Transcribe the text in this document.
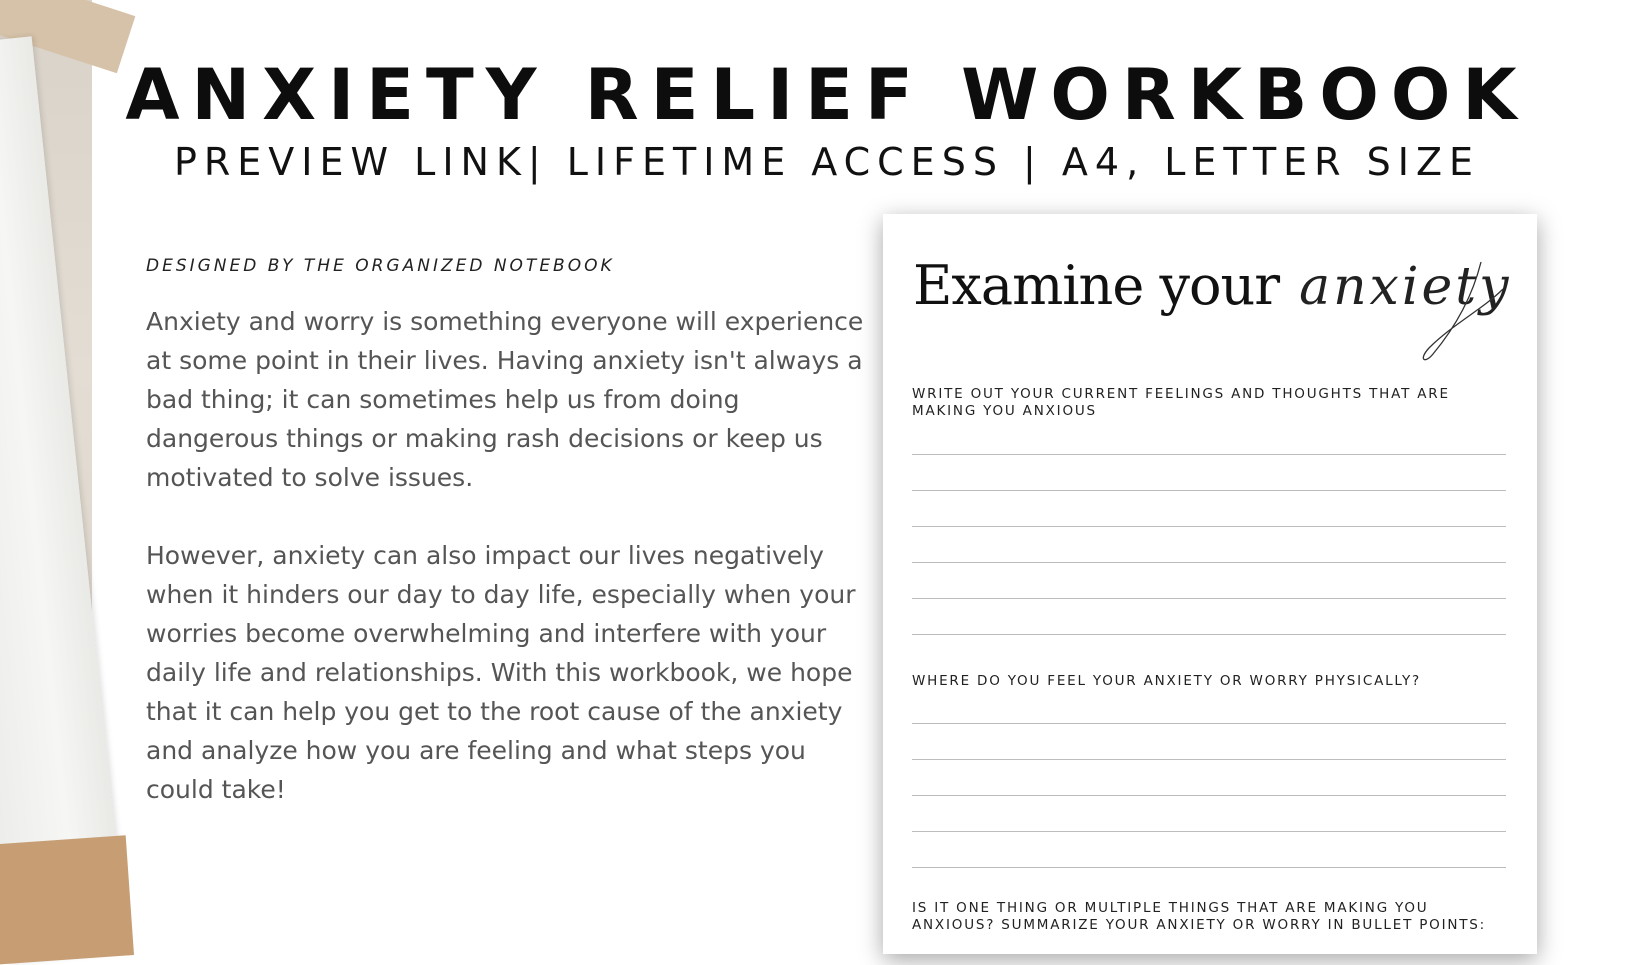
ANXIETY RELIEF WORKBOOK
PREVIEW LINK| LIFETIME ACCESS | A4, LETTER SIZE
DESIGNED BY THE ORGANIZED NOTEBOOK

Anxiety and worry is something everyone will experience at some point in their lives. Having anxiety isn't always a bad thing; it can sometimes help us from doing dangerous things or making rash decisions or keep us motivated to solve issues.

However, anxiety can also impact our lives negatively when it hinders our day to day life, especially when your worries become overwhelming and interfere with your daily life and relationships. With this workbook, we hope that it can help you get to the root cause of the anxiety and analyze how you are feeling and what steps you could take!

Examine your anxiety
WRITE OUT YOUR CURRENT FEELINGS AND THOUGHTS THAT ARE MAKING YOU ANXIOUS
WHERE DO YOU FEEL YOUR ANXIETY OR WORRY PHYSICALLY?
IS IT ONE THING OR MULTIPLE THINGS THAT ARE MAKING YOU ANXIOUS? SUMMARIZE YOUR ANXIETY OR WORRY IN BULLET POINTS:
